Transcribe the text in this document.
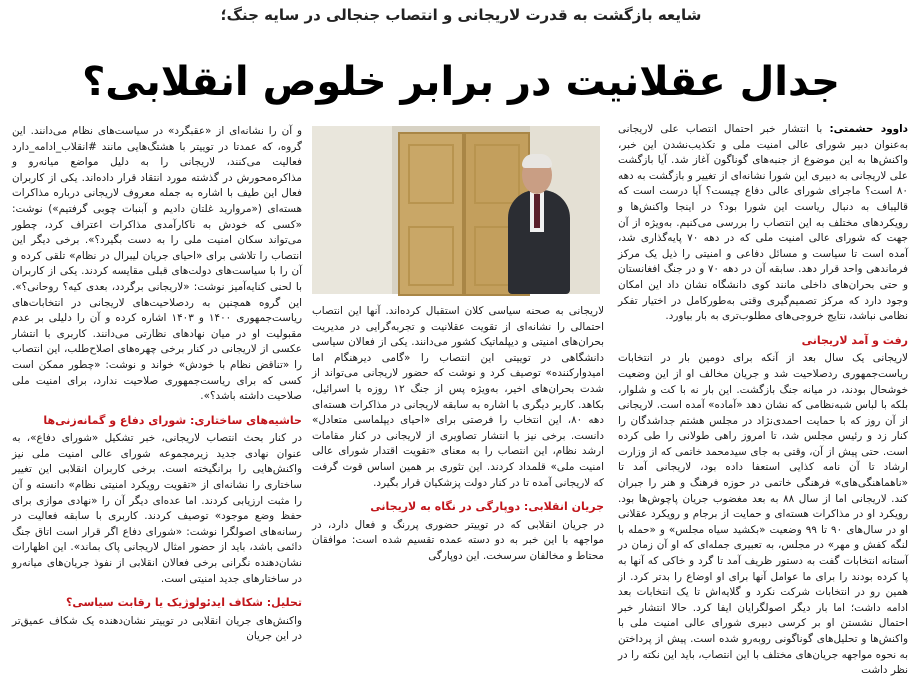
شایعه بازگشت به قدرت لاریجانی و انتصاب جنجالی در سایه جنگ؛
جدال عقلانیت در برابر خلوص انقلابی؟

داوود حشمتی: با انتشار خبر احتمال انتصاب علی لاریجانی به‌عنوان دبیر شورای عالی امنیت ملی و تکذیب‌نشدن این خبر، واکنش‌ها به این موضوع از جنبه‌های گوناگون آغاز شد. آیا بازگشت علی لاریجانی به دبیری این شورا نشانه‌ای از تغییر و بازگشت به دهه ۸۰ است؟ ماجرای شورای عالی دفاع چیست؟ آیا درست است که قالیباف به دنبال ریاست این شورا بود؟ در اینجا واکنش‌ها و رویکردهای مختلف به این انتصاب را بررسی می‌کنیم. به‌ویژه از آن جهت که شورای عالی امنیت ملی که در دهه ۷۰ پایه‌گذاری شد، آمده است تا سیاست و مسائل دفاعی و امنیتی را ذیل یک مرکز فرماندهی واحد قرار دهد. سابقه آن در دهه ۷۰ و در جنگ افغانستان و حتی بحران‌های داخلی مانند کوی دانشگاه نشان داد این امکان وجود دارد که مرکز تصمیم‌گیری وقتی به‌طورکامل در اختیار تفکر نظامی نباشد، نتایج خروجی‌های مطلوب‌تری به بار بیاورد.

رفت و آمد لاریجانی

لاریجانی یک سال بعد از آنکه برای دومین بار در انتخابات ریاست‌جمهوری ردصلاحیت شد و جریان مخالف او از این وضعیت خوشحال بودند، در میانه جنگ بازگشت. این بار نه با کت و شلوار، بلکه با لباس شبه‌نظامی که نشان دهد «آماده» آمده است. لاریجانی از آن روز که با حمایت احمدی‌نژاد در مجلس هشتم جداشدگان را کنار زد و رئیس مجلس شد، تا امروز راهی طولانی را طی کرده است. حتی پیش از آن، وقتی به جای سیدمحمد خاتمی که از وزارت ارشاد تا آن نامه کذایی استعفا داده بود، لاریجانی آمد تا «ناهماهنگی‌های» فرهنگی خاتمی در حوزه فرهنگ و هنر را جبران کند. لاریجانی اما از سال ۸۸ به بعد مغضوب جریان پاچوش‌ها بود. رویکرد او در مذاکرات هسته‌ای و حمایت از برجام و رویکرد عقلانی او در سال‌های ۹۰ تا ۹۹ وضعیت «بکشید سیاه مجلس» و «حمله با لنگه کفش و مهر» در مجلس، به تعبیری جمله‌ای که او آن زمان در آستانه انتخابات گفت به دستور ظریف آمد تا گرد و خاکی که آنها به پا کرده بودند را برای ما عوامل آنها برای او اوضاع را بدتر کرد. از همین رو در انتخابات شرکت نکرد و گلایه‌اش تا یک انتخابات بعد ادامه داشت؛ اما بار دیگر اصولگرایان ایفا کرد. حالا انتشار خبر احتمال نشستن او بر کرسی دبیری شورای عالی امنیت ملی با واکنش‌ها و تحلیل‌های گوناگونی روبه‌رو شده است. پیش از پرداختن به نحوه مواجهه جریان‌های مختلف با این انتصاب، باید این نکته را در نظر داشت

لاریجانی به صحنه سیاسی کلان استقبال کرده‌اند. آنها این انتصاب احتمالی را نشانه‌ای از تقویت عقلانیت و تجربه‌گرایی در مدیریت بحران‌های امنیتی و دیپلماتیک کشور می‌دانند. یکی از فعالان سیاسی دانشگاهی در توییتی این انتصاب را «گامی دیرهنگام اما امیدوارکننده» توصیف کرد و نوشت که حضور لاریجانی می‌تواند از شدت بحران‌های اخیر، به‌ویژه پس از جنگ ۱۲ روزه با اسرائیل، بکاهد. کاربر دیگری با اشاره به سابقه لاریجانی در مذاکرات هسته‌ای دهه ۸۰، این انتخاب را فرصتی برای «احیای دیپلماسی متعادل» دانست. برخی نیز با انتشار تصاویری از لاریجانی در کنار مقامات ارشد نظام، این انتصاب را به معنای «تقویت اقتدار شورای عالی امنیت ملی» قلمداد کردند. این تئوری بر همین اساس قوت گرفت که لاریجانی آمده تا در کنار دولت پزشکیان قرار بگیرد.

جریان انقلابی: دوپارگی در نگاه به لاریجانی

در جریان انقلابی که در توییتر حضوری پررنگ و فعال دارد، در مواجهه با این خبر به دو دسته عمده تقسیم شده است: موافقان محتاط و مخالفان سرسخت. این دوپارگی

و آن را نشانه‌ای از «عقبگرد» در سیاست‌های نظام می‌دانند. این گروه، که عمدتا در توییتر با هشتگ‌هایی مانند #انقلاب_ادامه_دارد فعالیت می‌کنند، لاریجانی را به دلیل مواضع میانه‌رو و مذاکره‌محورش در گذشته مورد انتقاد قرار داده‌اند. یکی از کاربران فعال این طیف با اشاره به جمله معروف لاریجانی درباره مذاکرات هسته‌ای («مروارید غلتان دادیم و آبنبات چوبی گرفتیم») نوشت: «کسی که خودش به ناکارآمدی مذاکرات اعتراف کرد، چطور می‌تواند سکان امنیت ملی را به دست بگیرد؟». برخی دیگر این انتصاب را تلاشی برای «احیای جریان لیبرال در نظام» تلقی کرده و آن را با سیاست‌های دولت‌های قبلی مقایسه کردند. یکی از کاربران با لحنی کنایه‌آمیز نوشت: «لاریجانی برگردد، بعدی کیه؟ روحانی؟». این گروه همچنین به ردصلاحیت‌های لاریجانی در انتخابات‌های ریاست‌جمهوری ۱۴۰۰ و ۱۴۰۳ اشاره کرده و آن را دلیلی بر عدم مقبولیت او در میان نهادهای نظارتی می‌دانند. کاربری با انتشار عکسی از لاریجانی در کنار برخی چهره‌های اصلاح‌طلب، این انتصاب را «تناقض نظام با خودش» خواند و نوشت: «چطور ممکن است کسی که برای ریاست‌جمهوری صلاحیت ندارد، برای امنیت ملی صلاحیت داشته باشد؟».

حاشیه‌های ساختاری: شورای دفاع و گمانه‌زنی‌ها

در کنار بحث انتصاب لاریجانی، خبر تشکیل «شورای دفاع»، به عنوان نهادی جدید زیرمجموعه شورای عالی امنیت ملی نیز واکنش‌هایی را برانگیخته است. برخی کاربران انقلابی این تغییر ساختاری را نشانه‌ای از «تقویت رویکرد امنیتی نظام» دانسته و آن را مثبت ارزیابی کردند. اما عده‌ای دیگر آن را «نهادی موازی برای حفظ وضع موجود» توصیف کردند. کاربری با سابقه فعالیت در رسانه‌های اصولگرا نوشت: «شورای دفاع اگر قرار است اتاق جنگ دائمی باشد، باید از حضور امثال لاریجانی پاک بماند». این اظهارات نشان‌دهنده نگرانی برخی فعالان انقلابی از نفوذ جریان‌های میانه‌رو در ساختارهای جدید امنیتی است.

تحلیل: شکاف ایدئولوژیک یا رقابت سیاسی؟

واکنش‌های جریان انقلابی در توییتر نشان‌دهنده یک شکاف عمیق‌تر در این جریان
